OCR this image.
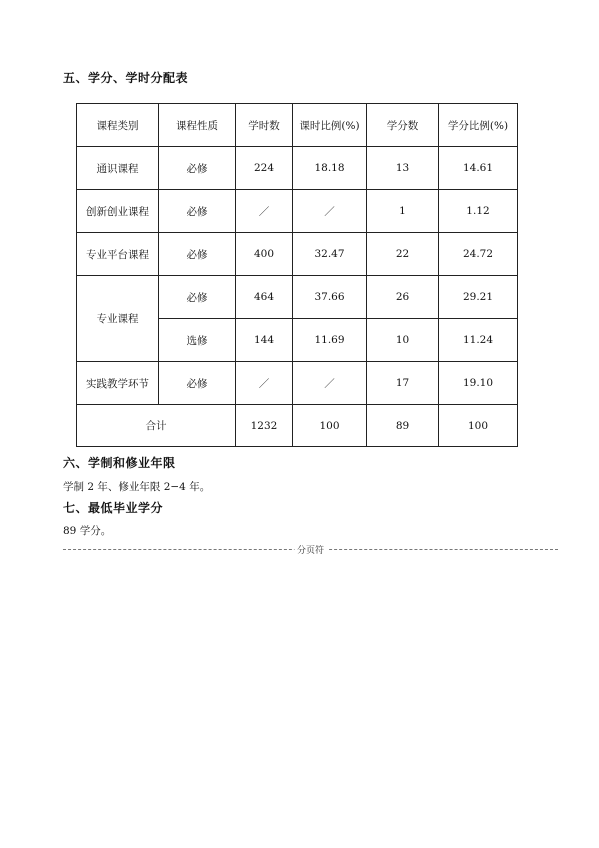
五、学分、学时分配表
课程类别	课程性质	学时数	课时比例(%)	学分数	学分比例(%)
通识课程	必修	224	18.18	13	14.61
创新创业课程	必修	／	／	1	1.12
专业平台课程	必修	400	32.47	22	24.72
专业课程	必修	464	37.66	26	29.21
	选修	144	11.69	10	11.24
实践教学环节	必修	／	／	17	19.10
合计		1232	100	89	100
六、学制和修业年限
学制 2 年、修业年限 2−4 年。
七、最低毕业学分
89 学分。
分页符
